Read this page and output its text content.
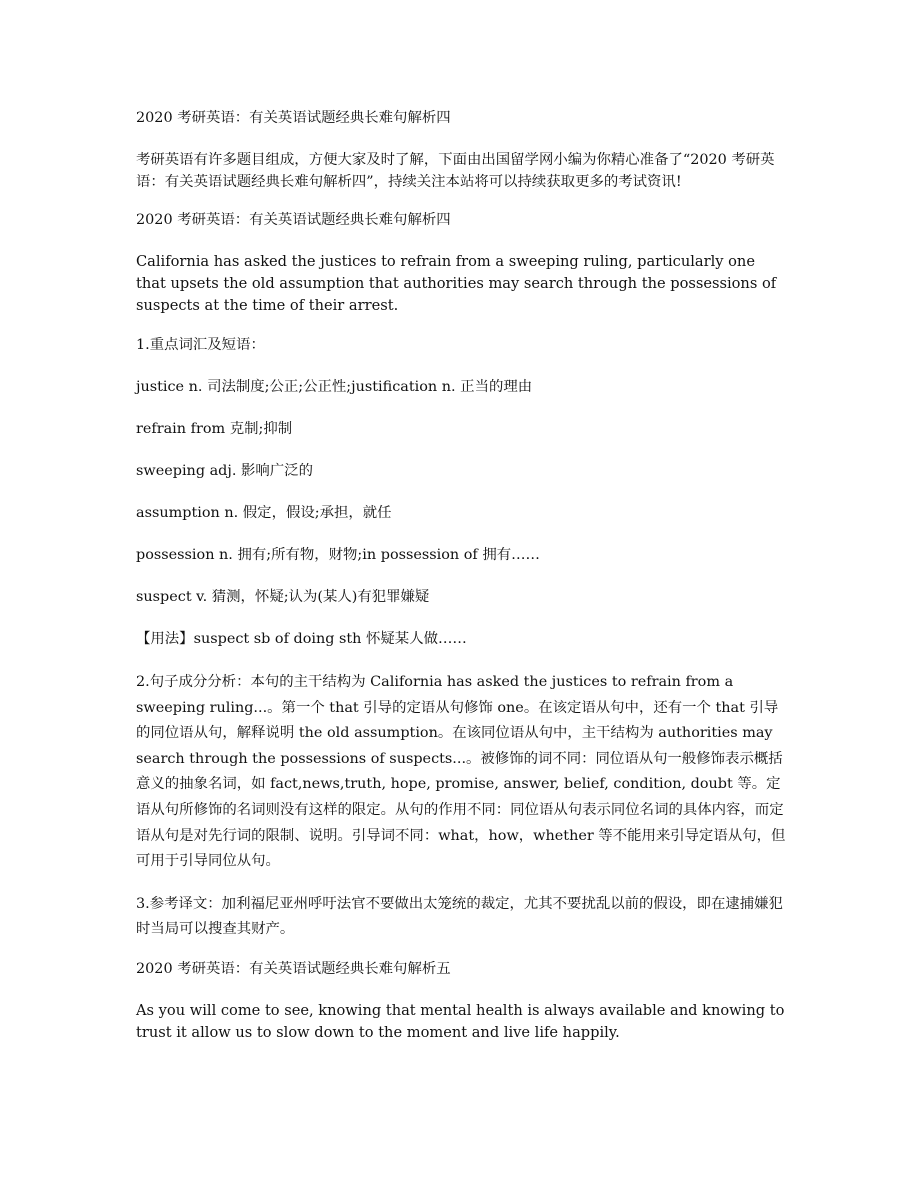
2020 考研英语：有关英语试题经典长难句解析四

考研英语有许多题目组成，方便大家及时了解，下面由出国留学网小编为你精心准备了“2020 考研英语：有关英语试题经典长难句解析四”，持续关注本站将可以持续获取更多的考试资讯!

2020 考研英语：有关英语试题经典长难句解析四

California has asked the justices to refrain from a sweeping ruling, particularly one that upsets the old assumption that authorities may search through the possessions of suspects at the time of their arrest.

1.重点词汇及短语：

justice n. 司法制度;公正;公正性;justification n. 正当的理由

refrain from 克制;抑制

sweeping adj. 影响广泛的

assumption n. 假定，假设;承担，就任

possession n. 拥有;所有物，财物;in possession of 拥有……

suspect v. 猜测，怀疑;认为(某人)有犯罪嫌疑

【用法】suspect sb of doing sth 怀疑某人做……

2.句子成分分析：本句的主干结构为 California has asked the justices to refrain from a sweeping ruling...。第一个 that 引导的定语从句修饰 one。在该定语从句中，还有一个 that 引导的同位语从句，解释说明 the old assumption。在该同位语从句中，主干结构为 authorities may search through the possessions of suspects...。被修饰的词不同：同位语从句一般修饰表示概括意义的抽象名词，如 fact,news,truth, hope, promise, answer, belief, condition, doubt 等。定语从句所修饰的名词则没有这样的限定。从句的作用不同：同位语从句表示同位名词的具体内容，而定语从句是对先行词的限制、说明。引导词不同：what，how，whether 等不能用来引导定语从句，但可用于引导同位从句。

3.参考译文：加利福尼亚州呼吁法官不要做出太笼统的裁定，尤其不要扰乱以前的假设，即在逮捕嫌犯时当局可以搜查其财产。

2020 考研英语：有关英语试题经典长难句解析五

As you will come to see, knowing that mental health is always available and knowing to trust it allow us to slow down to the moment and live life happily.
